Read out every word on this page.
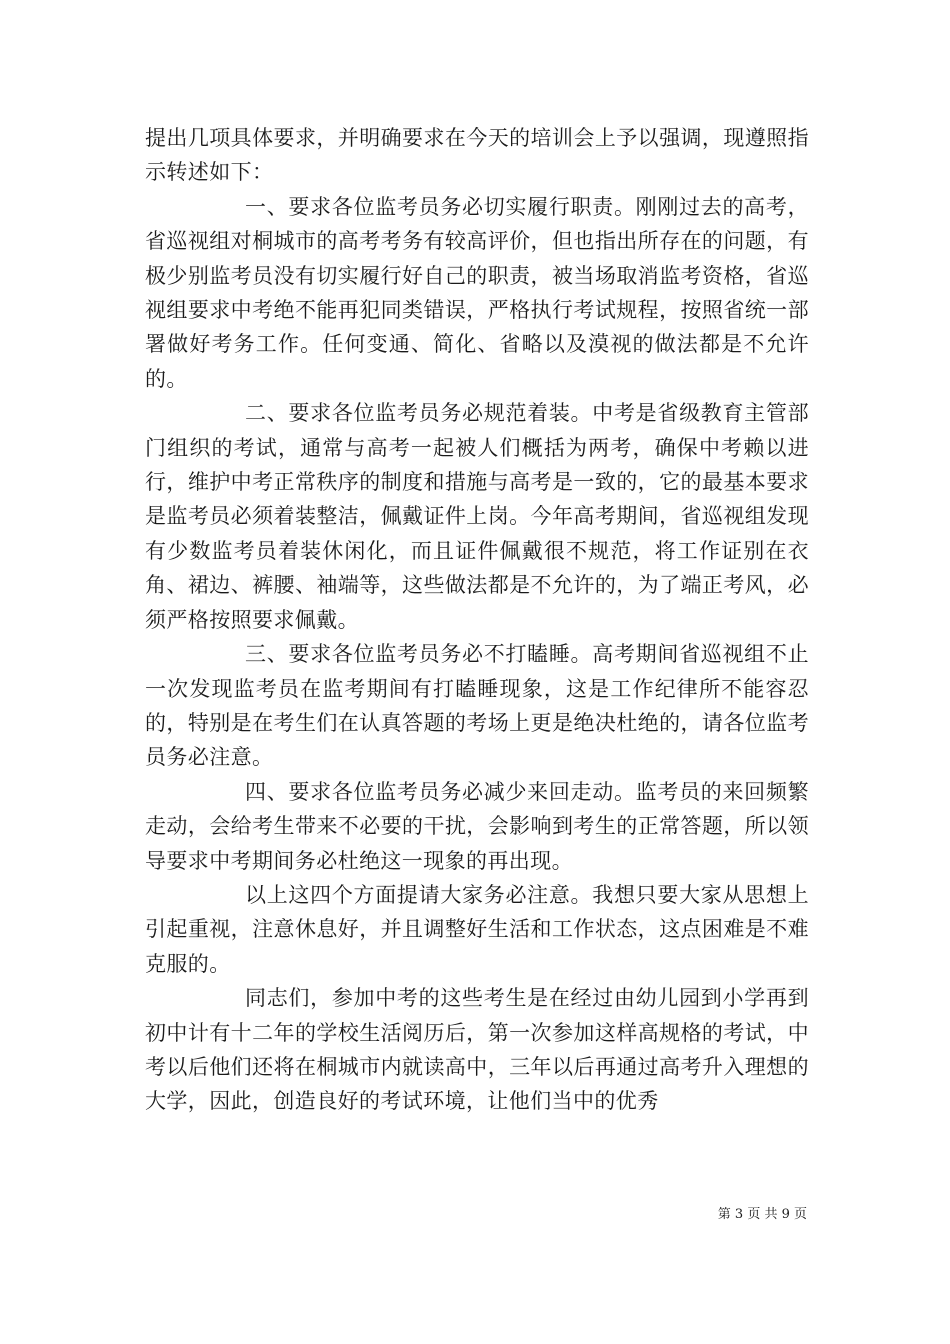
提出几项具体要求，并明确要求在今天的培训会上予以强调，现遵照指示转述如下：

一、要求各位监考员务必切实履行职责。刚刚过去的高考，省巡视组对桐城市的高考考务有较高评价，但也指出所存在的问题，有极少别监考员没有切实履行好自己的职责，被当场取消监考资格，省巡视组要求中考绝不能再犯同类错误，严格执行考试规程，按照省统一部署做好考务工作。任何变通、简化、省略以及漠视的做法都是不允许的。

二、要求各位监考员务必规范着装。中考是省级教育主管部门组织的考试，通常与高考一起被人们概括为两考，确保中考赖以进行，维护中考正常秩序的制度和措施与高考是一致的，它的最基本要求是监考员必须着装整洁，佩戴证件上岗。今年高考期间，省巡视组发现有少数监考员着装休闲化，而且证件佩戴很不规范，将工作证别在衣角、裙边、裤腰、袖端等，这些做法都是不允许的，为了端正考风，必须严格按照要求佩戴。

三、要求各位监考员务必不打瞌睡。高考期间省巡视组不止一次发现监考员在监考期间有打瞌睡现象，这是工作纪律所不能容忍的，特别是在考生们在认真答题的考场上更是绝决杜绝的，请各位监考员务必注意。

四、要求各位监考员务必减少来回走动。监考员的来回频繁走动，会给考生带来不必要的干扰，会影响到考生的正常答题，所以领导要求中考期间务必杜绝这一现象的再出现。

以上这四个方面提请大家务必注意。我想只要大家从思想上引起重视，注意休息好，并且调整好生活和工作状态，这点困难是不难克服的。

同志们，参加中考的这些考生是在经过由幼儿园到小学再到初中计有十二年的学校生活阅历后，第一次参加这样高规格的考试，中考以后他们还将在桐城市内就读高中，三年以后再通过高考升入理想的大学，因此，创造良好的考试环境，让他们当中的优秀

第 3 页 共 9 页
